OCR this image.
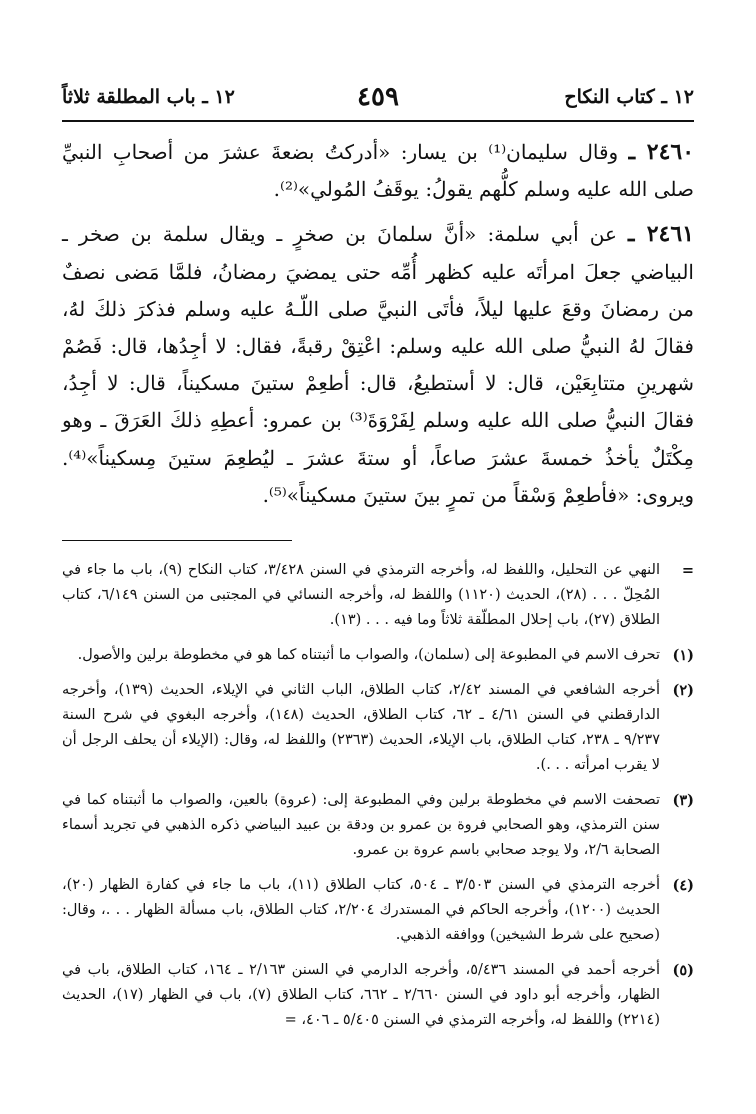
١٢ ـ كتاب النكاح
٤٥٩
١٢ ـ باب المطلقة ثلاثاً

٢٤٦٠ ـ وقال سليمان⁽¹⁾ بن يسار: «أدركتُ بضعةَ عشرَ من أصحابِ النبيِّ صلى الله عليه وسلم كلُّهم يقولُ: يوقَفُ المُولي»⁽²⁾.

٢٤٦١ ـ عن أبي سلمة: «أنَّ سلمانَ بن صخرٍ ـ ويقال سلمة بن صخر ـ البياضي جعلَ امرأتَه عليه كظهر أُمِّه حتى يمضيَ رمضانُ، فلمَّا مَضى نصفٌ من رمضانَ وقعَ عليها ليلاً، فأتَى النبيَّ صلى اللّـهُ عليه وسلم فذكرَ ذلكَ لهُ، فقالَ لهُ النبيُّ صلى الله عليه وسلم: اعْتِقْ رقبةً، فقال: لا أجِدُها، قال: فَصُمْ شهرينِ متتابِعَيْن، قال: لا أستطيعُ، قال: أطعِمْ ستينَ مسكيناً، قال: لا أجِدُ، فقالَ النبيُّ صلى الله عليه وسلم لِفَرْوَةَ⁽³⁾ بن عمرو: أعطِهِ ذلكَ العَرَقَ ـ وهو مِكْتَلٌ يأخذُ خمسةَ عشرَ صاعاً، أو ستةَ عشرَ ـ ليُطعِمَ ستينَ مِسكيناً»⁽⁴⁾. ويروى: «فأطعِمْ وَسْقاً من تمرٍ بينَ ستينَ مسكيناً»⁽⁵⁾.

=
النهي عن التحليل، واللفظ له، وأخرجه الترمذي في السنن ٣/٤٢٨، كتاب النكاح (٩)، باب ما جاء في المُحِلّ . . . (٢٨)، الحديث (١١٢٠) واللفظ له، وأخرجه النسائي في المجتبى من السنن ٦/١٤٩، كتاب الطلاق (٢٧)، باب إحلال المطلّقة ثلاثاً وما فيه . . . (١٣).
(١)
تحرف الاسم في المطبوعة إلى (سلمان)، والصواب ما أثبتناه كما هو في مخطوطة برلين والأصول.
(٢)
أخرجه الشافعي في المسند ٢/٤٢، كتاب الطلاق، الباب الثاني في الإيلاء، الحديث (١٣٩)، وأخرجه الدارقطني في السنن ٤/٦١ ـ ٦٢، كتاب الطلاق، الحديث (١٤٨)، وأخرجه البغوي في شرح السنة ٩/٢٣٧ ـ ٢٣٨، كتاب الطلاق، باب الإيلاء، الحديث (٢٣٦٣) واللفظ له، وقال: (الإيلاء أن يحلف الرجل أن لا يقرب امرأته . . .).
(٣)
تصحفت الاسم في مخطوطة برلين وفي المطبوعة إلى: (عروة) بالعين، والصواب ما أثبتناه كما في سنن الترمذي، وهو الصحابي فروة بن عمرو بن ودقة بن عبيد البياضي ذكره الذهبي في تجريد أسماء الصحابة ٢/٦، ولا يوجد صحابي باسم عروة بن عمرو.
(٤)
أخرجه الترمذي في السنن ٣/٥٠٣ ـ ٥٠٤، كتاب الطلاق (١١)، باب ما جاء في كفارة الظهار (٢٠)، الحديث (١٢٠٠)، وأخرجه الحاكم في المستدرك ٢/٢٠٤، كتاب الطلاق، باب مسألة الظهار . . .، وقال: (صحيح على شرط الشيخين) ووافقه الذهبي.
(٥)
أخرجه أحمد في المسند ٥/٤٣٦، وأخرجه الدارمي في السنن ٢/١٦٣ ـ ١٦٤، كتاب الطلاق، باب في الظهار، وأخرجه أبو داود في السنن ٢/٦٦٠ ـ ٦٦٢، كتاب الطلاق (٧)، باب في الظهار (١٧)، الحديث (٢٢١٤) واللفظ له، وأخرجه الترمذي في السنن ٥/٤٠٥ ـ ٤٠٦، =
